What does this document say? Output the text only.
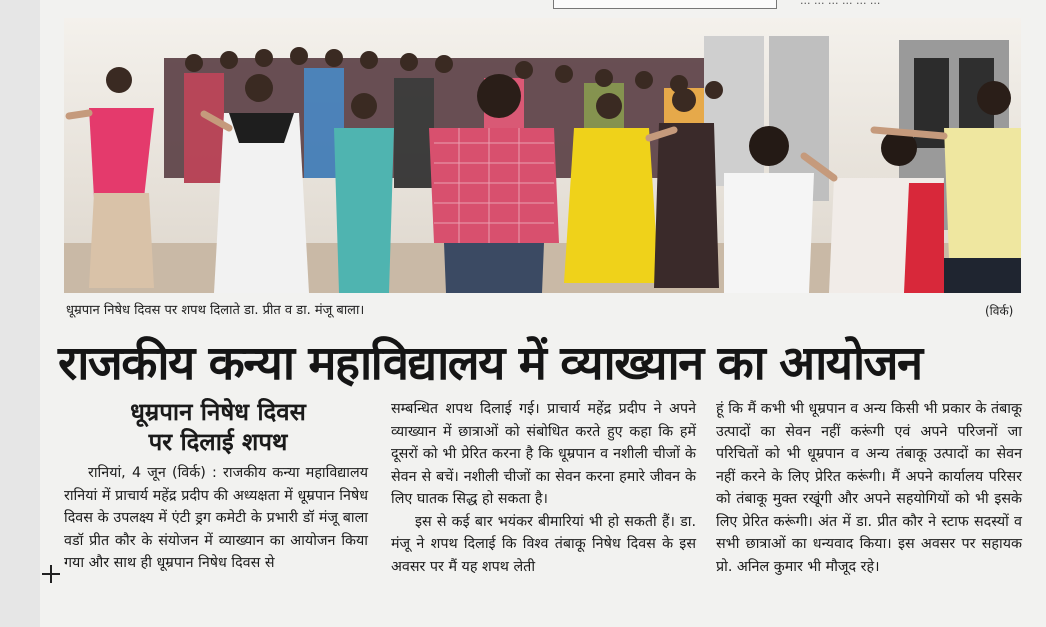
... ... ... ... ... ...
धूम्रपान निषेध दिवस पर शपथ दिलाते डा. प्रीत व डा. मंजू बाला।	(विर्क)
राजकीय कन्या महाविद्यालय में व्याख्यान का आयोजन
धूम्रपान निषेध दिवस
पर दिलाई शपथ

रानियां, 4 जून (विर्क) : राजकीय कन्या महाविद्यालय रानियां में प्राचार्य महेंद्र प्रदीप की अध्यक्षता में धूम्रपान निषेध दिवस के उपलक्ष्य में एंटी ड्रग कमेटी के प्रभारी डॉ मंजू बाला वडॉ प्रीत कौर के संयोजन में व्याख्यान का आयोजन किया गया और साथ ही धूम्रपान निषेध दिवस से

सम्बन्धित शपथ दिलाई गई। प्राचार्य महेंद्र प्रदीप ने अपने व्याख्यान में छात्राओं को संबोधित करते हुए कहा कि हमें दूसरों को भी प्रेरित करना है कि धूम्रपान व नशीली चीजों के सेवन से बचें। नशीली चीजों का सेवन करना हमारे जीवन के लिए घातक सिद्ध हो सकता है।

इस से कई बार भयंकर बीमारियां भी हो सकती हैं। डा. मंजू ने शपथ दिलाई कि विश्व तंबाकू निषेध दिवस के इस अवसर पर मैं यह शपथ लेती

हूं कि मैं कभी भी धूम्रपान व अन्य किसी भी प्रकार के तंबाकू उत्पादों का सेवन नहीं करूंगी एवं अपने परिजनों जा परिचितों को भी धूम्रपान व अन्य तंबाकू उत्पादों का सेवन नहीं करने के लिए प्रेरित करूंगी। मैं अपने कार्यालय परिसर को तंबाकू मुक्त रखूंगी और अपने सहयोगियों को भी इसके लिए प्रेरित करूंगी। अंत में डा. प्रीत कौर ने स्टाफ सदस्यों व सभी छात्राओं का धन्यवाद किया। इस अवसर पर सहायक प्रो. अनिल कुमार भी मौजूद रहे।
